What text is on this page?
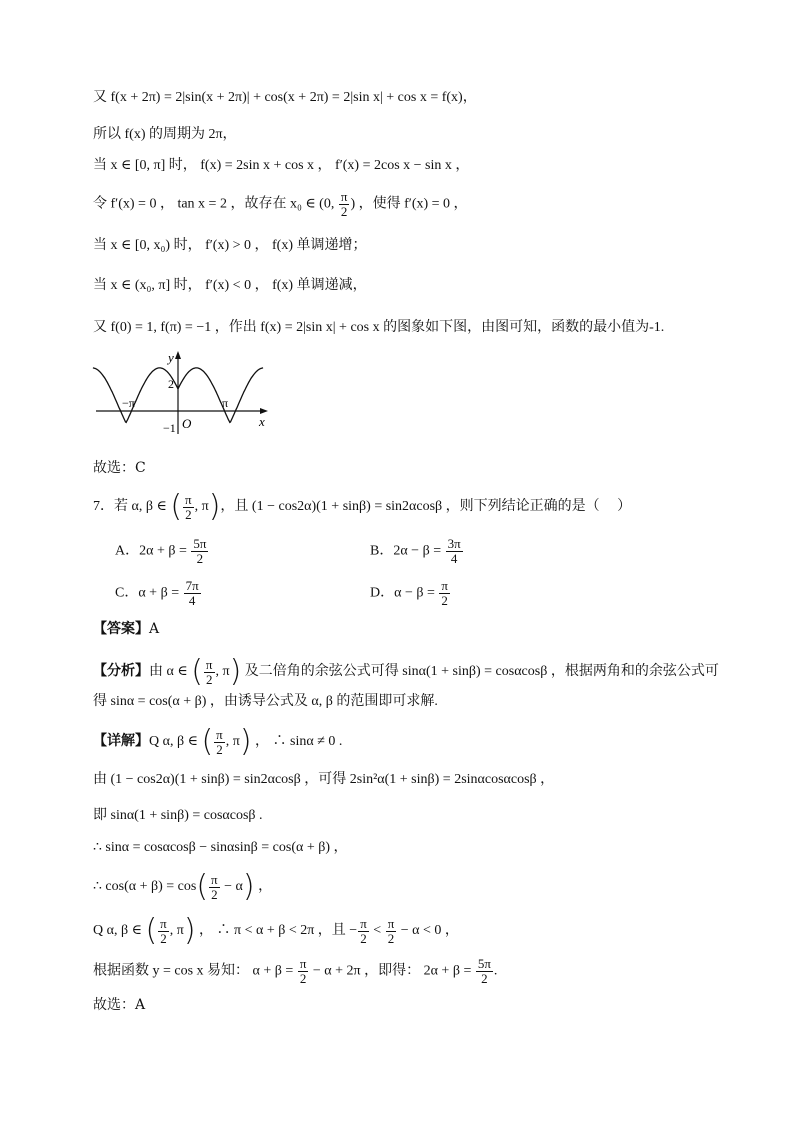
又 f(x + 2π) = 2|sin(x + 2π)| + cos(x + 2π) = 2|sin x| + cos x = f(x)，
所以 f(x) 的周期为 2π，
当 x ∈ [0, π] 时， f(x) = 2sin x + cos x ， f′(x) = 2cos x − sin x ，
令 f′(x) = 0 ， tan x = 2 ，故存在 x₀ ∈ (0, $\frac{\pi}{2}$ ) ，使得 f′(x) = 0 ，
当 x ∈ [0, x₀) 时， f′(x) > 0 ， f(x) 单调递增；
当 x ∈ (x₀, π] 时， f′(x) < 0 ， f(x) 单调递减，
又 f(0) = 1, f(π) = −1 ，作出 f(x) = 2|sin x| + cos x 的图象如下图，由图可知，函数的最小值为-1.
y
x
2
−π	π
−1 O
故选：C
7．若 α, β ∈ ( $\frac{\pi}{2}$ , π)，且 (1 − cos2α)(1 + sinβ) = sin2αcosβ ，则下列结论正确的是（　 ）
A．$2\alpha + \beta = \frac{5\pi}{2}$	B．$2\alpha - \beta = \frac{3\pi}{4}$
C．$\alpha + \beta = \frac{7\pi}{4}$	D．$\alpha - \beta = \frac{\pi}{2}$
【答案】A
【分析】由 α ∈ ( $\frac{\pi}{2}$ , π) 及二倍角的余弦公式可得 sinα(1 + sinβ) = cosαcosβ ，根据两角和的余弦公式可
得 sinα = cos(α + β) ，由诱导公式及 α, β 的范围即可求解.
【详解】Q α, β ∈ ( $\frac{\pi}{2}$ , π) ， ∴ sinα ≠ 0 .
由 (1 − cos2α)(1 + sinβ) = sin2αcosβ ，可得 2sin²α(1 + sinβ) = 2sinαcosαcosβ ，
即 sinα(1 + sinβ) = cosαcosβ .
∴ sinα = cosαcosβ − sinαsinβ = cos(α + β) ，
∴ $\cos(\alpha + \beta) = \cos( \frac{\pi}{2} - \alpha)$ ，
Q α, β ∈ ( $\frac{\pi}{2}$ , π) ， ∴ π < α + β < 2π ，且 − $\frac{\pi}{2} < \frac{\pi}{2} - \alpha < 0$ ，
根据函数 y = cos x 易知： $\alpha + \beta = \frac{\pi}{2} - \alpha + 2\pi$ ，即得： $2\alpha + \beta = \frac{5\pi}{2}$ .
故选：A
